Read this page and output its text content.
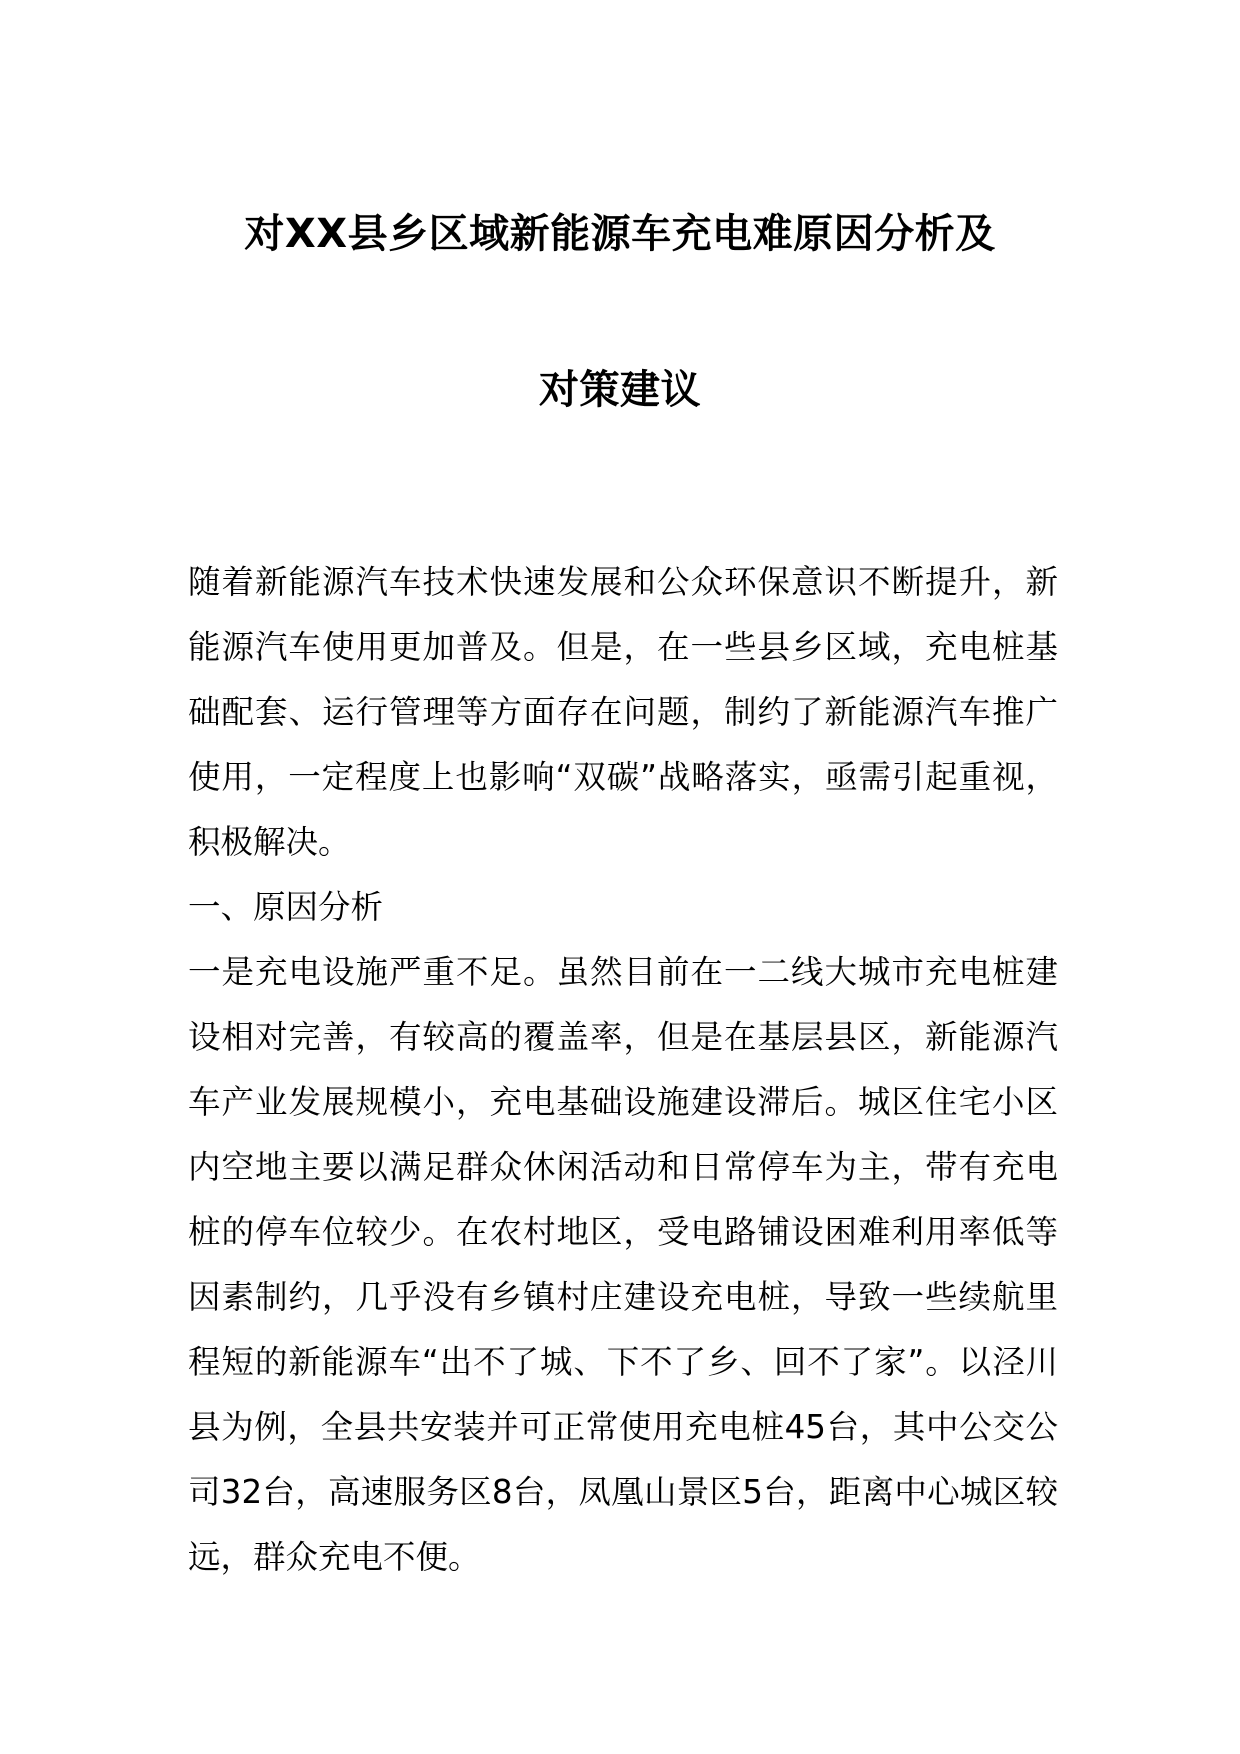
对XX县乡区域新能源车充电难原因分析及
对策建议

随着新能源汽车技术快速发展和公众环保意识不断提升，新能源汽车使用更加普及。但是，在一些县乡区域，充电桩基础配套、运行管理等方面存在问题，制约了新能源汽车推广使用，一定程度上也影响“双碳”战略落实，亟需引起重视，积极解决。

一、原因分析

一是充电设施严重不足。虽然目前在一二线大城市充电桩建设相对完善，有较高的覆盖率，但是在基层县区，新能源汽车产业发展规模小，充电基础设施建设滞后。城区住宅小区内空地主要以满足群众休闲活动和日常停车为主，带有充电桩的停车位较少。在农村地区，受电路铺设困难利用率低等因素制约，几乎没有乡镇村庄建设充电桩，导致一些续航里程短的新能源车“出不了城、下不了乡、回不了家”。以泾川县为例，全县共安装并可正常使用充电桩45台，其中公交公司32台，高速服务区8台，凤凰山景区5台，距离中心城区较远，群众充电不便。
